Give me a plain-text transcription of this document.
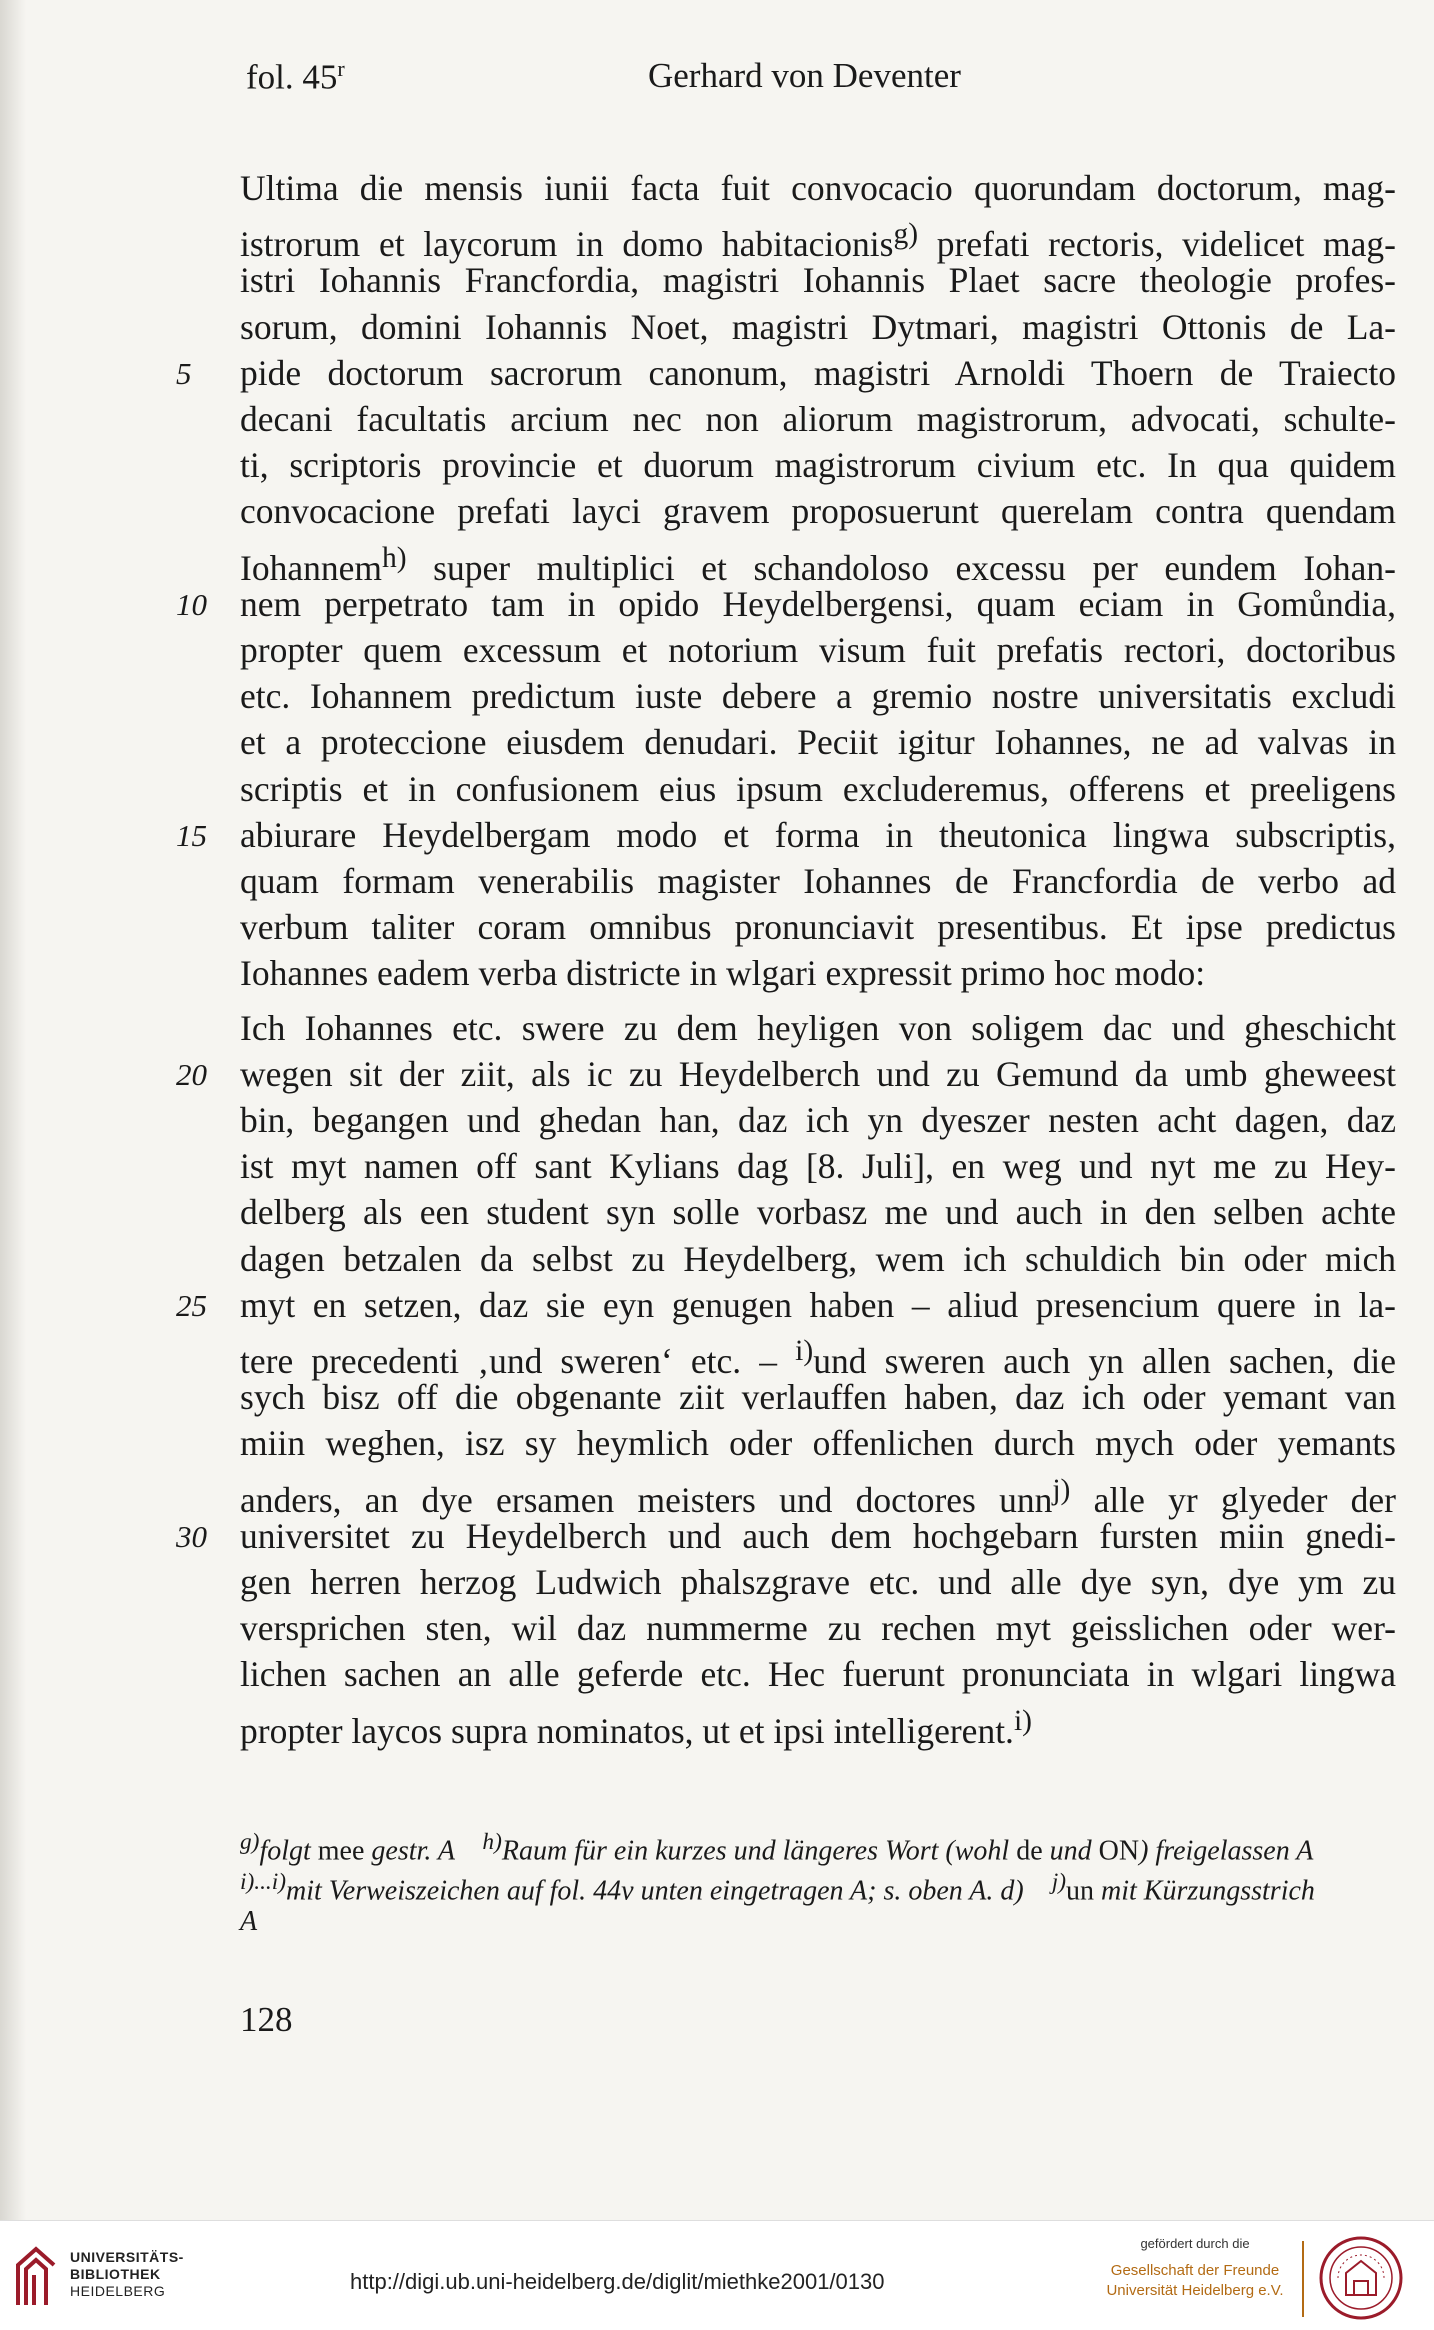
fol. 45$^r$	Gerhard von Deventer
Ultima die mensis iunii facta fuit convocacio quorundam doctorum, mag-
istrorum et laycorum in domo habitacionis$^{g)}$ prefati rectoris, videlicet mag-
istri Iohannis Francfordia, magistri Iohannis Plaet sacre theologie profes-
sorum, domini Iohannis Noet, magistri Dytmari, magistri Ottonis de La-
pide doctorum sacrorum canonum, magistri Arnoldi Thoern de Traiecto
decani facultatis arcium nec non aliorum magistrorum, advocati, schulte-
ti, scriptoris provincie et duorum magistrorum civium etc. In qua quidem
convocacione prefati layci gravem proposuerunt querelam contra quendam
Iohannem$^{h)}$ super multiplici et schandoloso excessu per eundem Iohan-
nem perpetrato tam in opido Heydelbergensi, quam eciam in Gomůndia,
propter quem excessum et notorium visum fuit prefatis rectori, doctoribus
etc. Iohannem predictum iuste debere a gremio nostre universitatis excludi
et a proteccione eiusdem denudari. Peciit igitur Iohannes, ne ad valvas in
scriptis et in confusionem eius ipsum excluderemus, offerens et preeligens
abiurare Heydelbergam modo et forma in theutonica lingwa subscriptis,
quam formam venerabilis magister Iohannes de Francfordia de verbo ad
verbum taliter coram omnibus pronunciavit presentibus. Et ipse predictus
Iohannes eadem verba districte in wlgari expressit primo hoc modo:
Ich Iohannes etc. swere zu dem heyligen von soligem dac und gheschicht
wegen sit der ziit, als ic zu Heydelberch und zu Gemund da umb gheweest
bin, begangen und ghedan han, daz ich yn dyeszer nesten acht dagen, daz
ist myt namen off sant Kylians dag [8. Juli], en weg und nyt me zu Hey-
delberg als een student syn solle vorbasz me und auch in den selben achte
dagen betzalen da selbst zu Heydelberg, wem ich schuldich bin oder mich
myt en setzen, daz sie eyn genugen haben – aliud presencium quere in la-
tere precedenti ‚und sweren‘ etc. – $^{i)}$und sweren auch yn allen sachen, die
sych bisz off die obgenante ziit verlauffen haben, daz ich oder yemant van
miin weghen, isz sy heymlich oder offenlichen durch mych oder yemants
anders, an dye ersamen meisters und doctores unn$^{j)}$ alle yr glyeder der
universitet zu Heydelberch und auch dem hochgebarn fursten miin gnedi-
gen herren herzog Ludwich phalszgrave etc. und alle dye syn, dye ym zu
versprichen sten, wil daz nummerme zu rechen myt geisslichen oder wer-
lichen sachen an alle geferde etc. Hec fuerunt pronunciata in wlgari lingwa
propter laycos supra nominatos, ut et ipsi intelligerent.$^{i)}$
5
10
15
20
25
30
$^{g)}$folgt mee gestr. A    $^{h)}$Raum für ein kurzes und längeres Wort (wohl de und ON) freigelassen A
$^{i)...i)}$mit Verweiszeichen auf fol. 44v unten eingetragen A; s. oben A. d)    $^{j)}$un mit Kürzungsstrich
A
128
UNIVERSITÄTS-
BIBLIOTHEK
HEIDELBERG	http://digi.ub.uni-heidelberg.de/diglit/miethke2001/0130
gefördert durch die
Gesellschaft der Freunde
Universität Heidelberg e.V.
